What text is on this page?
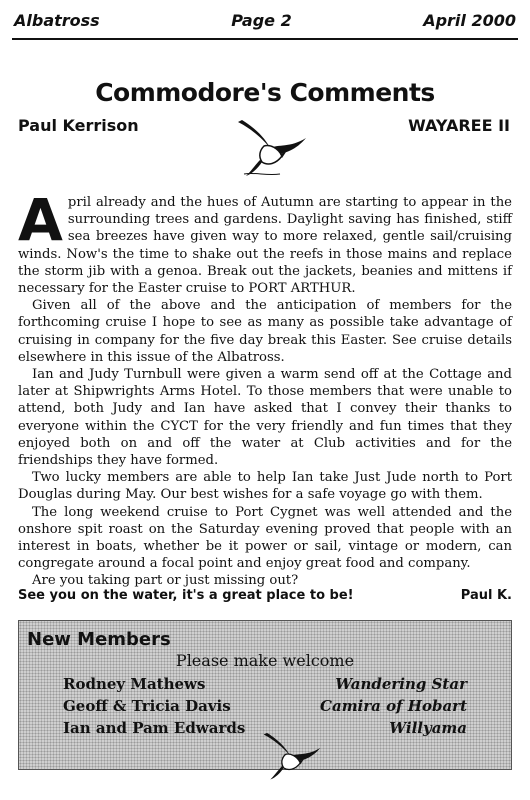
Albatross	Page 2	April 2000
Commodore's Comments
Paul Kerrison	WAYAREE II

April already and the hues of Autumn are starting to appear in the surrounding trees and gardens. Daylight saving has finished, stiff sea breezes have given way to more relaxed, gentle sail/cruising winds. Now's the time to shake out the reefs in those mains and replace the storm jib with a genoa. Break out the jackets, beanies and mittens if necessary for the Easter cruise to PORT ARTHUR.

Given all of the above and the anticipation of members for the forthcoming cruise I hope to see as many as possible take advantage of cruising in company for the five day break this Easter. See cruise details elsewhere in this issue of the Albatross.

Ian and Judy Turnbull were given a warm send off at the Cottage and later at Shipwrights Arms Hotel. To those members that were unable to attend, both Judy and Ian have asked that I convey their thanks to everyone within the CYCT for the very friendly and fun times that they enjoyed both on and off the water at Club activities and for the friendships they have formed.

Two lucky members are able to help Ian take Just Jude north to Port Douglas during May. Our best wishes for a safe voyage go with them.

The long weekend cruise to Port Cygnet was well attended and the onshore spit roast on the Saturday evening proved that people with an interest in boats, whether be it power or sail, vintage or modern, can congregate around a focal point and enjoy great food and company.

Are you taking part or just missing out?

See you on the water, it's a great place to be!	Paul K.
New Members
Please make welcome
Rodney Mathews	Wandering Star
Geoff & Tricia Davis	Camira of Hobart
Ian and Pam Edwards	Willyama
